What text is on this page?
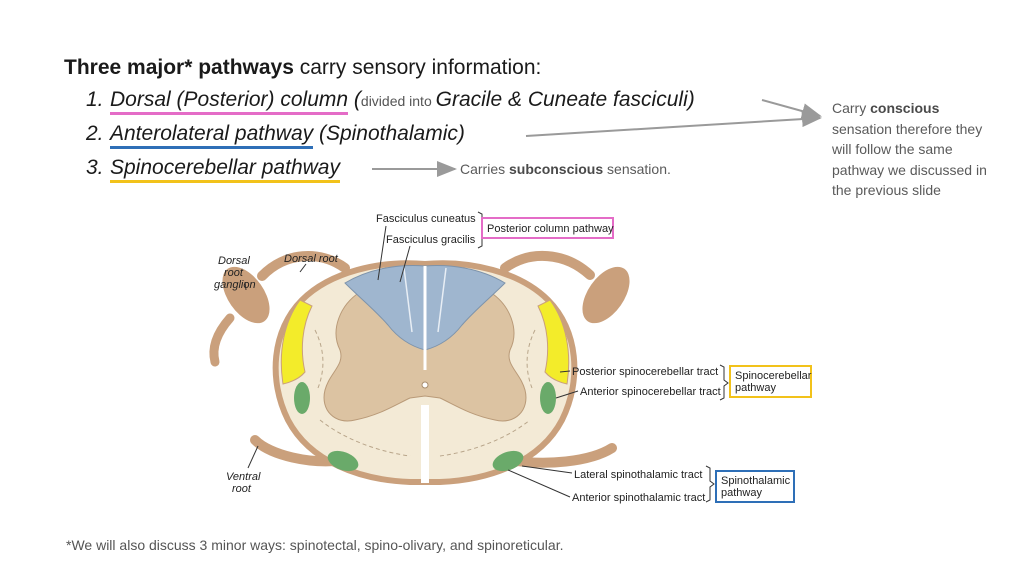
Three major* pathways carry sensory information:
1. Dorsal (Posterior) column (divided into Gracile & Cuneate fasciculi)
2. Anterolateral pathway (Spinothalamic)
3. Spinocerebellar pathway
Carry conscious sensation therefore they will follow the same pathway we discussed in the previous slide
Carries subconscious sensation.
Fasciculus cuneatus
Fasciculus gracilis
Dorsal root
Dorsal
root
ganglion
Ventral
root
Posterior spinocerebellar tract
Anterior spinocerebellar tract
Lateral spinothalamic tract
Anterior spinothalamic tract
Posterior column pathway
Spinocerebellar
pathway
Spinothalamic
pathway
*We will also discuss 3 minor ways: spinotectal, spino-olivary, and spinoreticular.
